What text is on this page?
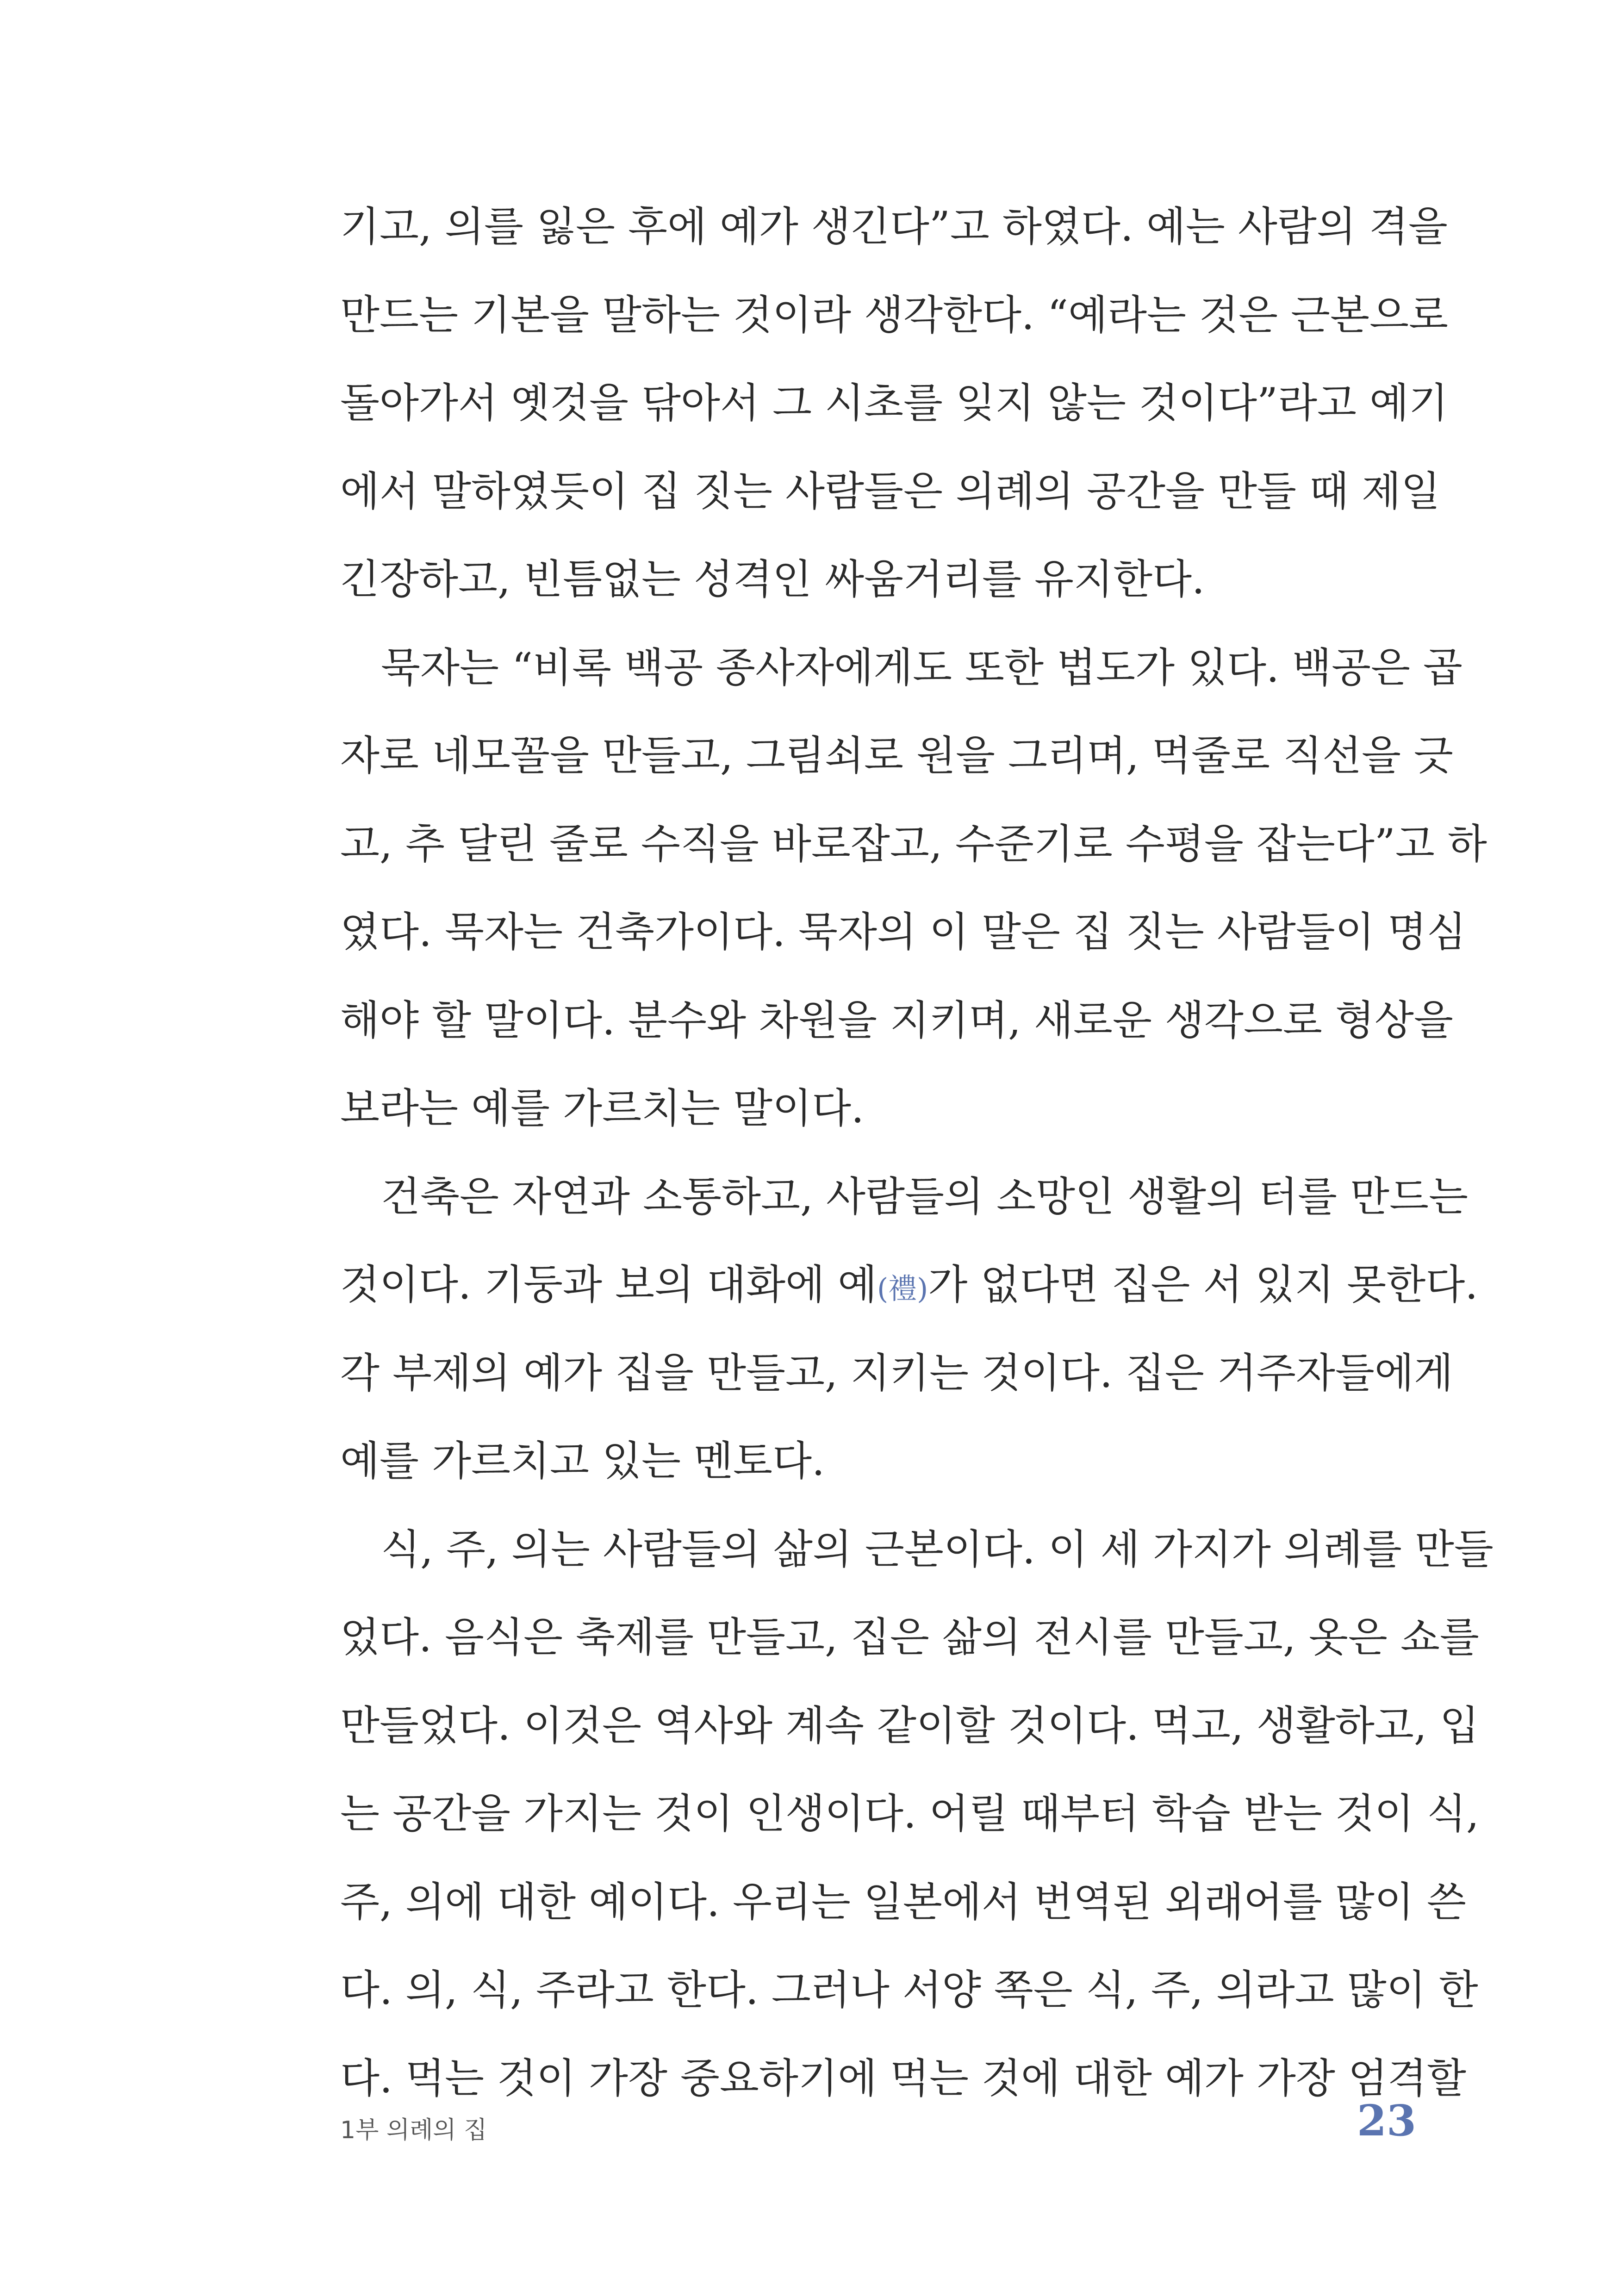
기고, 의를 잃은 후에 예가 생긴다”고 하였다. 예는 사람의 격을
만드는 기본을 말하는 것이라 생각한다. “예라는 것은 근본으로
돌아가서 옛것을 닦아서 그 시초를 잊지 않는 것이다”라고 예기
에서 말하였듯이 집 짓는 사람들은 의례의 공간을 만들 때 제일
긴장하고, 빈틈없는 성격인 싸움거리를 유지한다.
묵자는 “비록 백공 종사자에게도 또한 법도가 있다. 백공은 곱
자로 네모꼴을 만들고, 그림쇠로 원을 그리며, 먹줄로 직선을 긋
고, 추 달린 줄로 수직을 바로잡고, 수준기로 수평을 잡는다”고 하
였다. 묵자는 건축가이다. 묵자의 이 말은 집 짓는 사람들이 명심
해야 할 말이다. 분수와 차원을 지키며, 새로운 생각으로 형상을
보라는 예를 가르치는 말이다.
건축은 자연과 소통하고, 사람들의 소망인 생활의 터를 만드는
것이다. 기둥과 보의 대화에 예(禮)가 없다면 집은 서 있지 못한다.
각 부제의 예가 집을 만들고, 지키는 것이다. 집은 거주자들에게
예를 가르치고 있는 멘토다.
식, 주, 의는 사람들의 삶의 근본이다. 이 세 가지가 의례를 만들
었다. 음식은 축제를 만들고, 집은 삶의 전시를 만들고, 옷은 쇼를
만들었다. 이것은 역사와 계속 같이할 것이다. 먹고, 생활하고, 입
는 공간을 가지는 것이 인생이다. 어릴 때부터 학습 받는 것이 식,
주, 의에 대한 예이다. 우리는 일본에서 번역된 외래어를 많이 쓴
다. 의, 식, 주라고 한다. 그러나 서양 쪽은 식, 주, 의라고 많이 한
다. 먹는 것이 가장 중요하기에 먹는 것에 대한 예가 가장 엄격할
1부 의례의 집	23
